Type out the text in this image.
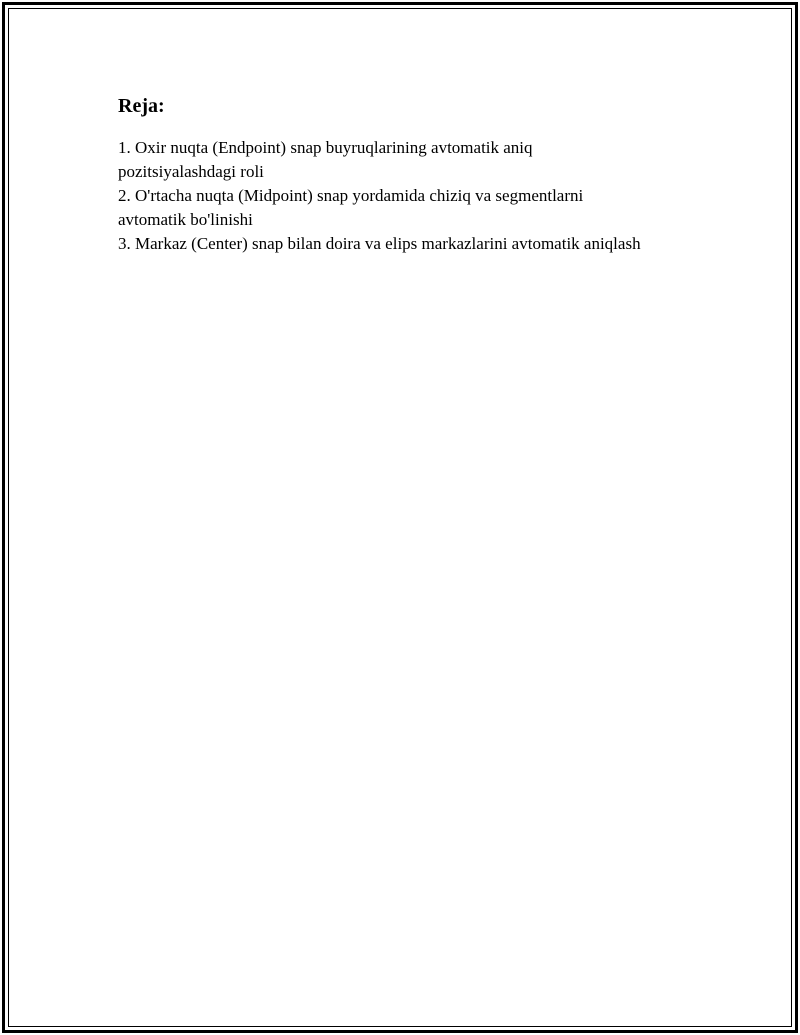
Reja:
1. Oxir nuqta (Endpoint) snap buyruqlarining avtomatik aniq pozitsiyalashdagi roli
2. O'rtacha nuqta (Midpoint) snap yordamida chiziq va segmentlarni avtomatik bo'linishi
3. Markaz (Center) snap bilan doira va elips markazlarini avtomatik aniqlash
